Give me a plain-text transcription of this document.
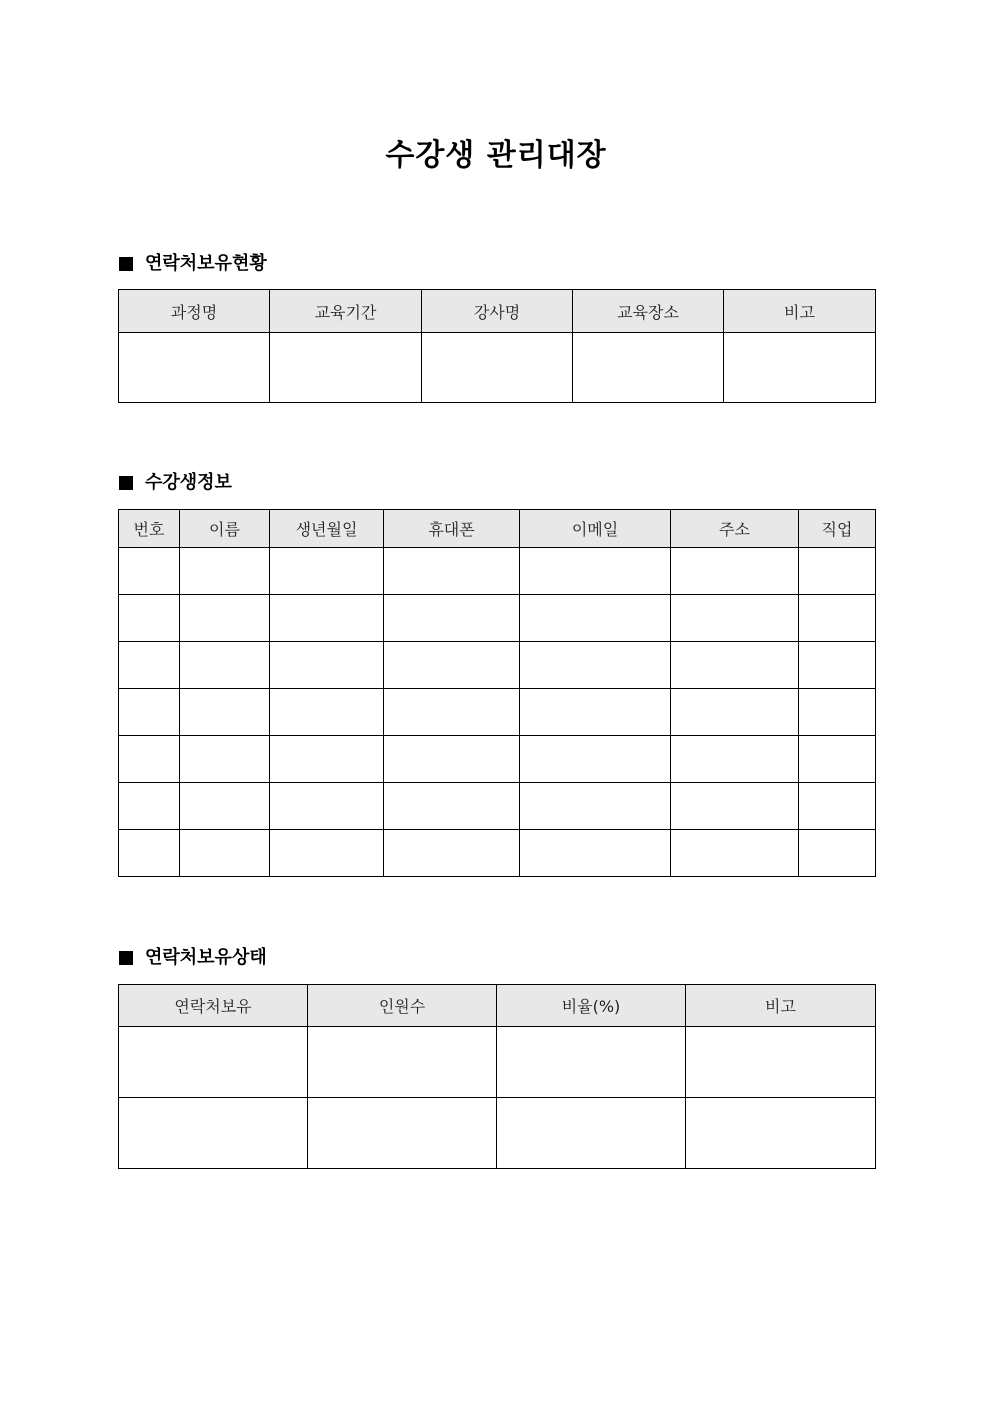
수강생 관리대장
연락처보유현황
과정명	교육기간	강사명	교육장소	비고

수강생정보
번호	이름	생년월일	휴대폰	이메일	주소	직업

연락처보유상태
연락처보유	인원수	비율(%)	비고
